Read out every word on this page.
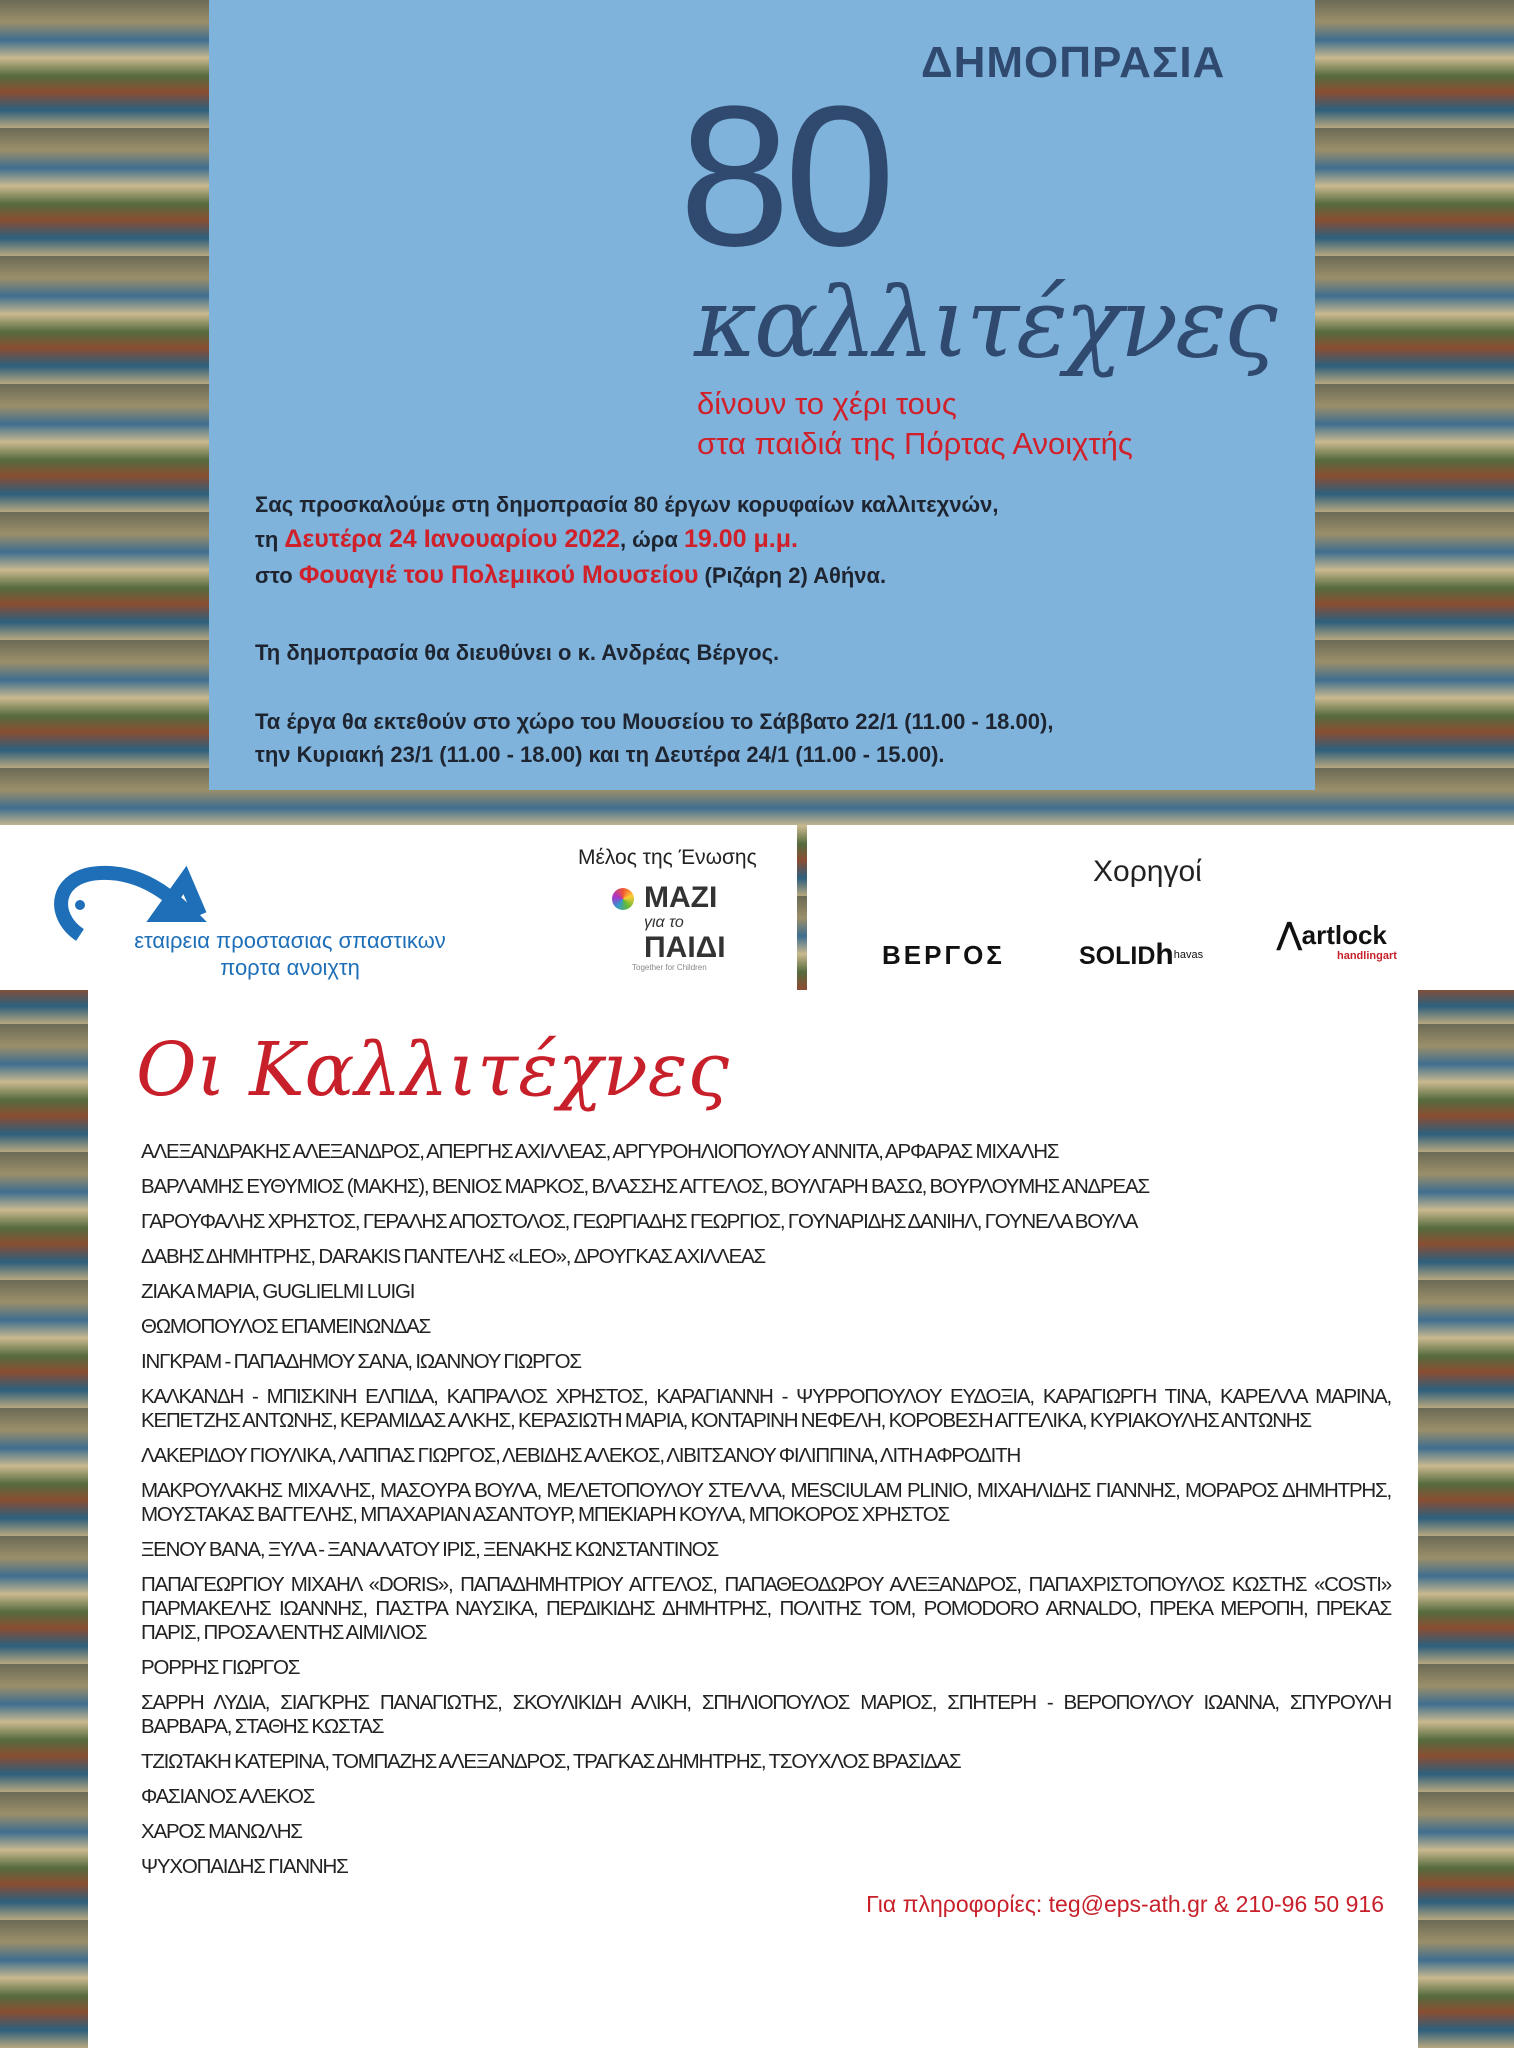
ΔΗΜΟΠΡΑΣΙΑ
80
καλλιτέχνες
δίνουν το χέρι τους
στα παιδιά της Πόρτας Ανοιχτής
Σας προσκαλούμε στη δημοπρασία 80 έργων κορυφαίων καλλιτεχνών,
τη Δευτέρα 24 Ιανουαρίου 2022, ώρα 19.00 μ.μ.
στο Φουαγιέ του Πολεμικού Μουσείου (Ριζάρη 2) Αθήνα.
Τη δημοπρασία θα διευθύνει ο κ. Ανδρέας Βέργος.
Τα έργα θα εκτεθούν στο χώρο του Μουσείου το Σάββατο 22/1 (11.00 - 18.00),
την Κυριακή 23/1 (11.00 - 18.00) και τη Δευτέρα 24/1 (11.00 - 15.00).
εταιρεια προστασιας σπαστικων
πορτα ανοιχτη
Μέλος της Ένωσης
ΜΑΖΙ
για το
ΠΑΙΔΙ
Together for Children
Χορηγοί
ΒΕΡΓΟΣ	SOLIDh$^{havas}$
⋀artlock
handlingart
Οι Καλλιτέχνες
ΑΛΕΞΑΝΔΡΑΚΗΣ ΑΛΕΞΑΝΔΡΟΣ, ΑΠΕΡΓΗΣ ΑΧΙΛΛΕΑΣ, ΑΡΓΥΡΟΗΛΙΟΠΟΥΛΟΥ ΑΝΝΙΤΑ, ΑΡΦΑΡΑΣ ΜΙΧΑΛΗΣ
ΒΑΡΛΑΜΗΣ ΕΥΘΥΜΙΟΣ (ΜΑΚΗΣ), ΒΕΝΙΟΣ ΜΑΡΚΟΣ, ΒΛΑΣΣΗΣ ΑΓΓΕΛΟΣ, ΒΟΥΛΓΑΡΗ ΒΑΣΩ, ΒΟΥΡΛΟΥΜΗΣ ΑΝΔΡΕΑΣ
ΓΑΡΟΥΦΑΛΗΣ ΧΡΗΣΤΟΣ, ΓΕΡΑΛΗΣ ΑΠΟΣΤΟΛΟΣ, ΓΕΩΡΓΙΑΔΗΣ ΓΕΩΡΓΙΟΣ, ΓΟΥΝΑΡΙΔΗΣ ΔΑΝΙΗΛ, ΓΟΥΝΕΛΑ ΒΟΥΛΑ
ΔΑΒΗΣ ΔΗΜΗΤΡΗΣ, DARAKIS ΠΑΝΤΕΛΗΣ «LEO», ΔΡΟΥΓΚΑΣ ΑΧΙΛΛΕΑΣ
ΖΙΑΚΑ ΜΑΡΙΑ, GUGLIELMI LUIGI
ΘΩΜΟΠΟΥΛΟΣ ΕΠΑΜΕΙΝΩΝΔΑΣ
ΙΝΓΚΡΑΜ - ΠΑΠΑΔΗΜΟΥ ΣΑΝΑ, ΙΩΑΝΝΟΥ ΓΙΩΡΓΟΣ
ΚΑΛΚΑΝΔΗ - ΜΠΙΣΚΙΝΗ ΕΛΠΙΔΑ, ΚΑΠΡΑΛΟΣ ΧΡΗΣΤΟΣ, ΚΑΡΑΓΙΑΝΝΗ - ΨΥΡΡΟΠΟΥΛΟΥ ΕΥΔΟΞΙΑ, ΚΑΡΑΓΙΩΡΓΗ ΤΙΝΑ, ΚΑΡΕΛΛΑ ΜΑΡΙΝΑ, ΚΕΠΕΤΖΗΣ ΑΝΤΩΝΗΣ, ΚΕΡΑΜΙΔΑΣ ΑΛΚΗΣ, ΚΕΡΑΣΙΩΤΗ ΜΑΡΙΑ, ΚΟΝΤΑΡΙΝΗ ΝΕΦΕΛΗ, ΚΟΡΟΒΕΣΗ ΑΓΓΕΛΙΚΑ, ΚΥΡΙΑΚΟΥΛΗΣ ΑΝΤΩΝΗΣ
ΛΑΚΕΡΙΔΟΥ ΓΙΟΥΛΙΚΑ, ΛΑΠΠΑΣ ΓΙΩΡΓΟΣ, ΛΕΒΙΔΗΣ ΑΛΕΚΟΣ, ΛΙΒΙΤΣΑΝΟΥ ΦΙΛΙΠΠΙΝΑ, ΛΙΤΗ ΑΦΡΟΔΙΤΗ
ΜΑΚΡΟΥΛΑΚΗΣ ΜΙΧΑΛΗΣ, ΜΑΣΟΥΡΑ ΒΟΥΛΑ, ΜΕΛΕΤΟΠΟΥΛΟΥ ΣΤΕΛΛΑ, MESCIULAM PLINIO, ΜΙΧΑΗΛΙΔΗΣ ΓΙΑΝΝΗΣ, ΜΟΡΑΡΟΣ ΔΗΜΗΤΡΗΣ, ΜΟΥΣΤΑΚΑΣ ΒΑΓΓΕΛΗΣ, ΜΠΑΧΑΡΙΑΝ ΑΣΑΝΤΟΥΡ, ΜΠΕΚΙΑΡΗ ΚΟΥΛΑ, ΜΠΟΚΟΡΟΣ ΧΡΗΣΤΟΣ
ΞΕΝΟΥ ΒΑΝΑ, ΞΥΛΑ - ΞΑΝΑΛΑΤΟΥ ΙΡΙΣ, ΞΕΝΑΚΗΣ ΚΩΝΣΤΑΝΤΙΝΟΣ
ΠΑΠΑΓΕΩΡΓΙΟΥ ΜΙΧΑΗΛ «DORIS», ΠΑΠΑΔΗΜΗΤΡΙΟΥ ΑΓΓΕΛΟΣ, ΠΑΠΑΘΕΟΔΩΡΟΥ ΑΛΕΞΑΝΔΡΟΣ, ΠΑΠΑΧΡΙΣΤΟΠΟΥΛΟΣ ΚΩΣΤΗΣ «COSTI» ΠΑΡΜΑΚΕΛΗΣ ΙΩΑΝΝΗΣ, ΠΑΣΤΡΑ ΝΑΥΣΙΚΑ, ΠΕΡΔΙΚΙΔΗΣ ΔΗΜΗΤΡΗΣ, ΠΟΛΙΤΗΣ ΤΟΜ, POMODORO ARNALDO, ΠΡΕΚΑ ΜΕΡΟΠΗ, ΠΡΕΚΑΣ ΠΑΡΙΣ, ΠΡΟΣΑΛΕΝΤΗΣ ΑΙΜΙΛΙΟΣ
ΡΟΡΡΗΣ ΓΙΩΡΓΟΣ
ΣΑΡΡΗ ΛΥΔΙΑ, ΣΙΑΓΚΡΗΣ ΠΑΝΑΓΙΩΤΗΣ, ΣΚΟΥΛΙΚΙΔΗ ΑΛΙΚΗ, ΣΠΗΛΙΟΠΟΥΛΟΣ ΜΑΡΙΟΣ, ΣΠΗΤΕΡΗ - ΒΕΡΟΠΟΥΛΟΥ ΙΩΑΝΝΑ, ΣΠΥΡΟΥΛΗ ΒΑΡΒΑΡΑ, ΣΤΑΘΗΣ ΚΩΣΤΑΣ
ΤΖΙΩΤΑΚΗ ΚΑΤΕΡΙΝΑ, ΤΟΜΠΑΖΗΣ ΑΛΕΞΑΝΔΡΟΣ, ΤΡΑΓΚΑΣ ΔΗΜΗΤΡΗΣ, ΤΣΟΥΧΛΟΣ ΒΡΑΣΙΔΑΣ
ΦΑΣΙΑΝΟΣ ΑΛΕΚΟΣ
ΧΑΡΟΣ ΜΑΝΩΛΗΣ
ΨΥΧΟΠΑΙΔΗΣ ΓΙΑΝΝΗΣ
Για πληροφορίες: teg@eps-ath.gr & 210-96 50 916
